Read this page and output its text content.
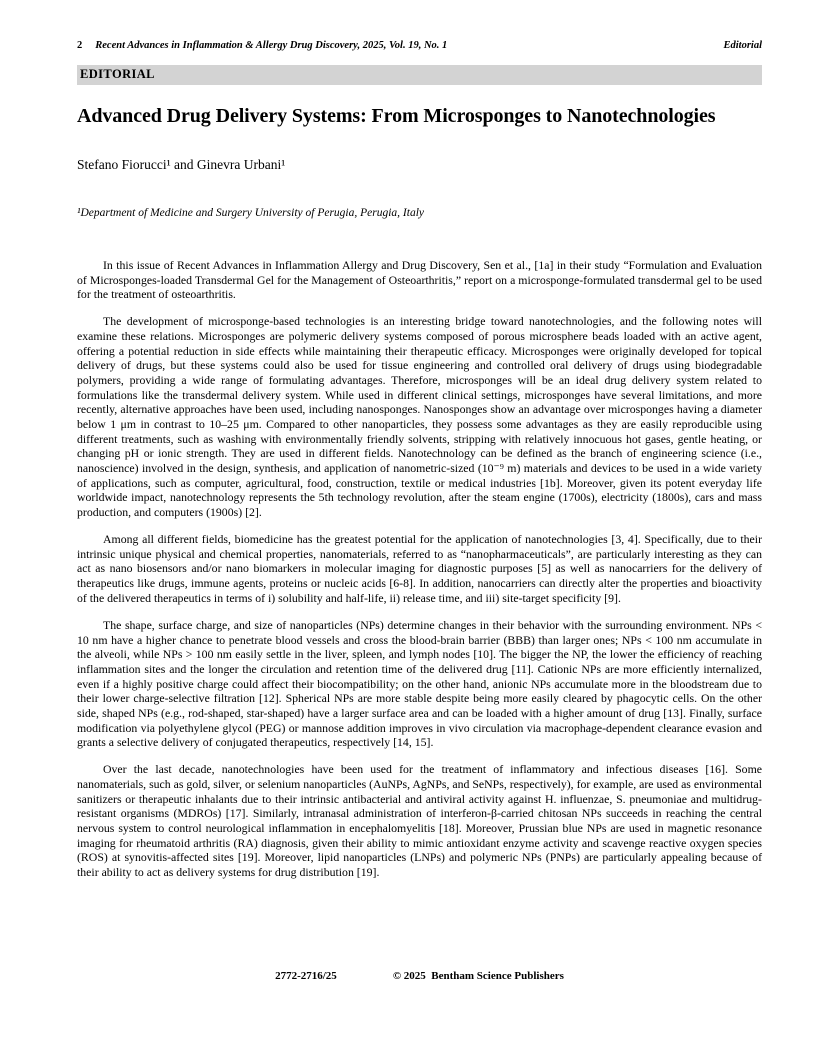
2 Recent Advances in Inflammation & Allergy Drug Discovery, 2025, Vol. 19, No. 1	Editorial
EDITORIAL
Advanced Drug Delivery Systems: From Microsponges to Nanotechnologies
Stefano Fiorucci¹ and Ginevra Urbani¹
¹Department of Medicine and Surgery University of Perugia, Perugia, Italy

In this issue of Recent Advances in Inflammation Allergy and Drug Discovery, Sen et al., [1a] in their study “Formulation and Evaluation of Microsponges-loaded Transdermal Gel for the Management of Osteoarthritis,” report on a microsponge-formulated transdermal gel to be used for the treatment of osteoarthritis.

The development of microsponge-based technologies is an interesting bridge toward nanotechnologies, and the following notes will examine these relations. Microsponges are polymeric delivery systems composed of porous microsphere beads loaded with an active agent, offering a potential reduction in side effects while maintaining their therapeutic efficacy. Microsponges were originally developed for topical delivery of drugs, but these systems could also be used for tissue engineering and controlled oral delivery of drugs using biodegradable polymers, providing a wide range of formulating advantages. Therefore, microsponges will be an ideal drug delivery system related to formulations like the transdermal delivery system. While used in different clinical settings, microsponges have several limitations, and more recently, alternative approaches have been used, including nanosponges. Nanosponges show an advantage over microsponges having a diameter below 1 μm in contrast to 10–25 μm. Compared to other nanoparticles, they possess some advantages as they are easily reproducible using different treatments, such as washing with environmentally friendly solvents, stripping with relatively innocuous hot gases, gentle heating, or changing pH or ionic strength. They are used in different fields. Nanotechnology can be defined as the branch of engineering science (i.e., nanoscience) involved in the design, synthesis, and application of nanometric-sized (10⁻⁹ m) materials and devices to be used in a wide variety of applications, such as computer, agricultural, food, construction, textile or medical industries [1b]. Moreover, given its potent everyday life worldwide impact, nanotechnology represents the 5th technology revolution, after the steam engine (1700s), electricity (1800s), cars and mass production, and computers (1900s) [2].

Among all different fields, biomedicine has the greatest potential for the application of nanotechnologies [3, 4]. Specifically, due to their intrinsic unique physical and chemical properties, nanomaterials, referred to as “nanopharmaceuticals”, are particularly interesting as they can act as nano biosensors and/or nano biomarkers in molecular imaging for diagnostic purposes [5] as well as nanocarriers for the delivery of therapeutics like drugs, immune agents, proteins or nucleic acids [6-8]. In addition, nanocarriers can directly alter the properties and bioactivity of the delivered therapeutics in terms of i) solubility and half-life, ii) release time, and iii) site-target specificity [9].

The shape, surface charge, and size of nanoparticles (NPs) determine changes in their behavior with the surrounding environment. NPs < 10 nm have a higher chance to penetrate blood vessels and cross the blood-brain barrier (BBB) than larger ones; NPs < 100 nm accumulate in the alveoli, while NPs > 100 nm easily settle in the liver, spleen, and lymph nodes [10]. The bigger the NP, the lower the efficiency of reaching inflammation sites and the longer the circulation and retention time of the delivered drug [11]. Cationic NPs are more efficiently internalized, even if a highly positive charge could affect their biocompatibility; on the other hand, anionic NPs accumulate more in the bloodstream due to their lower charge-selective filtration [12]. Spherical NPs are more stable despite being more easily cleared by phagocytic cells. On the other side, shaped NPs (e.g., rod-shaped, star-shaped) have a larger surface area and can be loaded with a higher amount of drug [13]. Finally, surface modification via polyethylene glycol (PEG) or mannose addition improves in vivo circulation via macrophage-dependent clearance evasion and grants a selective delivery of conjugated therapeutics, respectively [14, 15].

Over the last decade, nanotechnologies have been used for the treatment of inflammatory and infectious diseases [16]. Some nanomaterials, such as gold, silver, or selenium nanoparticles (AuNPs, AgNPs, and SeNPs, respectively), for example, are used as environmental sanitizers or therapeutic inhalants due to their intrinsic antibacterial and antiviral activity against H. influenzae, S. pneumoniae and multidrug-resistant organisms (MDROs) [17]. Similarly, intranasal administration of interferon-β-carried chitosan NPs succeeds in reaching the central nervous system to control neurological inflammation in encephalomyelitis [18]. Moreover, Prussian blue NPs are used in magnetic resonance imaging for rheumatoid arthritis (RA) diagnosis, given their ability to mimic antioxidant enzyme activity and scavenge reactive oxygen species (ROS) at synovitis-affected sites [19]. Moreover, lipid nanoparticles (LNPs) and polymeric NPs (PNPs) are particularly appealing because of their ability to act as delivery systems for drug distribution [19].

2772-2716/25	© 2025  Bentham Science Publishers
